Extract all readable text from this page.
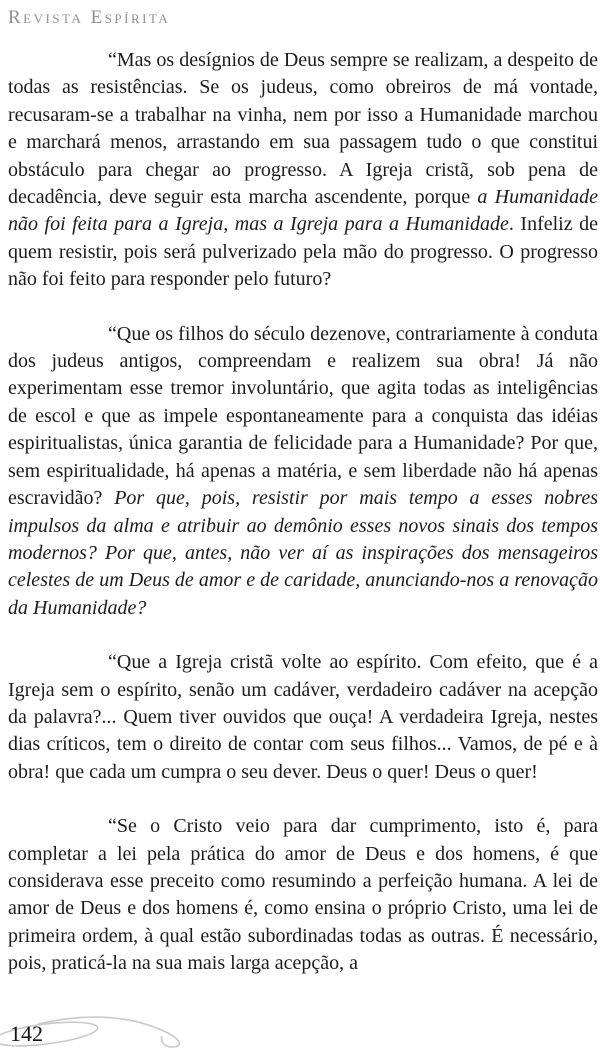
Revista Espírita

“Mas os desígnios de Deus sempre se realizam, a despeito de todas as resistências. Se os judeus, como obreiros de má vontade, recusaram-se a trabalhar na vinha, nem por isso a Humanidade marchou e marchará menos, arrastando em sua passagem tudo o que constitui obstáculo para chegar ao progresso. A Igreja cristã, sob pena de decadência, deve seguir esta marcha ascendente, porque a Humanidade não foi feita para a Igreja, mas a Igreja para a Humanidade. Infeliz de quem resistir, pois será pulverizado pela mão do progresso. O progresso não foi feito para responder pelo futuro?

“Que os filhos do século dezenove, contrariamente à conduta dos judeus antigos, compreendam e realizem sua obra! Já não experimentam esse tremor involuntário, que agita todas as inteligências de escol e que as impele espontaneamente para a conquista das idéias espiritualistas, única garantia de felicidade para a Humanidade? Por que, sem espiritualidade, há apenas a matéria, e sem liberdade não há apenas escravidão? Por que, pois, resistir por mais tempo a esses nobres impulsos da alma e atribuir ao demônio esses novos sinais dos tempos modernos? Por que, antes, não ver aí as inspirações dos mensageiros celestes de um Deus de amor e de caridade, anunciando-nos a renovação da Humanidade?

“Que a Igreja cristã volte ao espírito. Com efeito, que é a Igreja sem o espírito, senão um cadáver, verdadeiro cadáver na acepção da palavra?... Quem tiver ouvidos que ouça! A verdadeira Igreja, nestes dias críticos, tem o direito de contar com seus filhos... Vamos, de pé e à obra! que cada um cumpra o seu dever. Deus o quer! Deus o quer!

“Se o Cristo veio para dar cumprimento, isto é, para completar a lei pela prática do amor de Deus e dos homens, é que considerava esse preceito como resumindo a perfeição humana. A lei de amor de Deus e dos homens é, como ensina o próprio Cristo, uma lei de primeira ordem, à qual estão subordinadas todas as outras. É necessário, pois, praticá-la na sua mais larga acepção, a

142
